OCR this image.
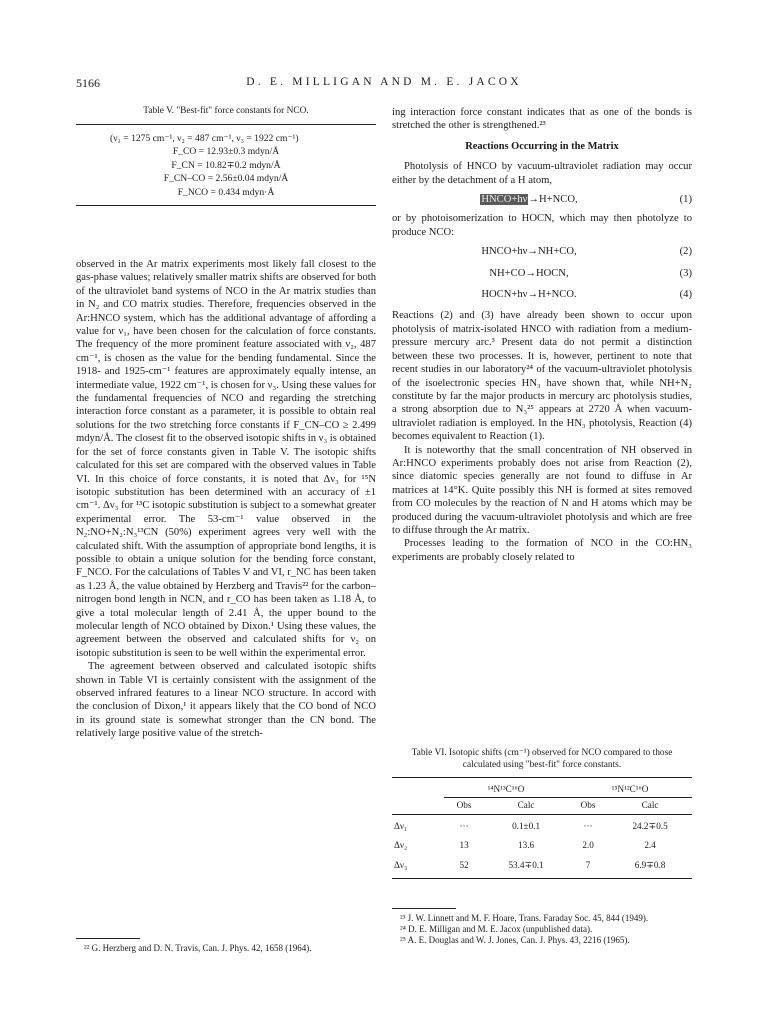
5166	D. E. MILLIGAN AND M. E. JACOX
Table V. "Best-fit" force constants for NCO.
(ν₁ = 1275 cm⁻¹, ν₂ = 487 cm⁻¹, ν₃ = 1922 cm⁻¹)
F_CO = 12.93±0.3 mdyn/Å
F_CN = 10.82∓0.2 mdyn/Å
F_CN–CO = 2.56±0.04 mdyn/Å
F_NCO = 0.434 mdyn·Å

observed in the Ar matrix experiments most likely fall closest to the gas-phase values; relatively smaller matrix shifts are observed for both of the ultraviolet band systems of NCO in the Ar matrix studies than in N₂ and CO matrix studies. Therefore, frequencies observed in the Ar:HNCO system, which has the additional advantage of affording a value for ν₁, have been chosen for the calculation of force constants. The frequency of the more prominent feature associated with ν₂, 487 cm⁻¹, is chosen as the value for the bending fundamental. Since the 1918- and 1925-cm⁻¹ features are approximately equally intense, an intermediate value, 1922 cm⁻¹, is chosen for ν₃. Using these values for the fundamental frequencies of NCO and regarding the stretching interaction force constant as a parameter, it is possible to obtain real solutions for the two stretching force constants if F_CN–CO ≥ 2.499 mdyn/Å. The closest fit to the observed isotopic shifts in ν₃ is obtained for the set of force constants given in Table V. The isotopic shifts calculated for this set are compared with the observed values in Table VI. In this choice of force constants, it is noted that Δν₃ for ¹⁵N isotopic substitution has been determined with an accuracy of ±1 cm⁻¹. Δν₃ for ¹³C isotopic substitution is subject to a somewhat greater experimental error. The 53-cm⁻¹ value observed in the N₂:NO+N₂:N₃¹³CN (50%) experiment agrees very well with the calculated shift. With the assumption of appropriate bond lengths, it is possible to obtain a unique solution for the bending force constant, F_NCO. For the calculations of Tables V and VI, r_NC has been taken as 1.23 Å, the value obtained by Herzberg and Travis²² for the carbon–nitrogen bond length in NCN, and r_CO has been taken as 1.18 Å, to give a total molecular length of 2.41 Å, the upper bound to the molecular length of NCO obtained by Dixon.¹ Using these values, the agreement between the observed and calculated shifts for ν₂ on isotopic substitution is seen to be well within the experimental error.

The agreement between observed and calculated isotopic shifts shown in Table VI is certainly consistent with the assignment of the observed infrared features to a linear NCO structure. In accord with the conclusion of Dixon,¹ it appears likely that the CO bond of NCO in its ground state is somewhat stronger than the CN bond. The relatively large positive value of the stretch-

²² G. Herzberg and D. N. Travis, Can. J. Phys. 42, 1658 (1964).

ing interaction force constant indicates that as one of the bonds is stretched the other is strengthened.²³

Reactions Occurring in the Matrix

Photolysis of HNCO by vacuum-ultraviolet radiation may occur either by the detachment of a H atom,

HNCO+hν→H+NCO,	(1)

or by photoisomerization to HOCN, which may then photolyze to produce NCO:

HNCO+hν→NH+CO,	(2)
NH+CO→HOCN,	(3)
HOCN+hν→H+NCO.	(4)

Reactions (2) and (3) have already been shown to occur upon photolysis of matrix-isolated HNCO with radiation from a medium-pressure mercury arc.³ Present data do not permit a distinction between these two processes. It is, however, pertinent to note that recent studies in our laboratory²⁴ of the vacuum-ultraviolet photolysis of the isoelectronic species HN₃ have shown that, while NH+N₂ constitute by far the major products in mercury arc photolysis studies, a strong absorption due to N₃²⁵ appears at 2720 Å when vacuum-ultraviolet radiation is employed. In the HN₃ photolysis, Reaction (4) becomes equivalent to Reaction (1).

It is noteworthy that the small concentration of NH observed in Ar:HNCO experiments probably does not arise from Reaction (2), since diatomic species generally are not found to diffuse in Ar matrices at 14°K. Quite possibly this NH is formed at sites removed from CO molecules by the reaction of N and H atoms which may be produced during the vacuum-ultraviolet photolysis and which are free to diffuse through the Ar matrix.

Processes leading to the formation of NCO in the CO:HN₃ experiments are probably closely related to

Table VI. Isotopic shifts (cm⁻¹) observed for NCO compared to those calculated using "best-fit" force constants.
	¹⁴N¹³C¹⁶O		¹⁵N¹²C¹⁶O	
	Obs	Calc	Obs	Calc
Δν₁	···	0.1±0.1	···	24.2∓0.5
Δν₂	13	13.6	2.0	2.4
Δν₃	52	53.4∓0.1	7	6.9∓0.8
²³ J. W. Linnett and M. F. Hoare, Trans. Faraday Soc. 45, 844 (1949).
²⁴ D. E. Milligan and M. E. Jacox (unpublished data).
²⁵ A. E. Douglas and W. J. Jones, Can. J. Phys. 43, 2216 (1965).
